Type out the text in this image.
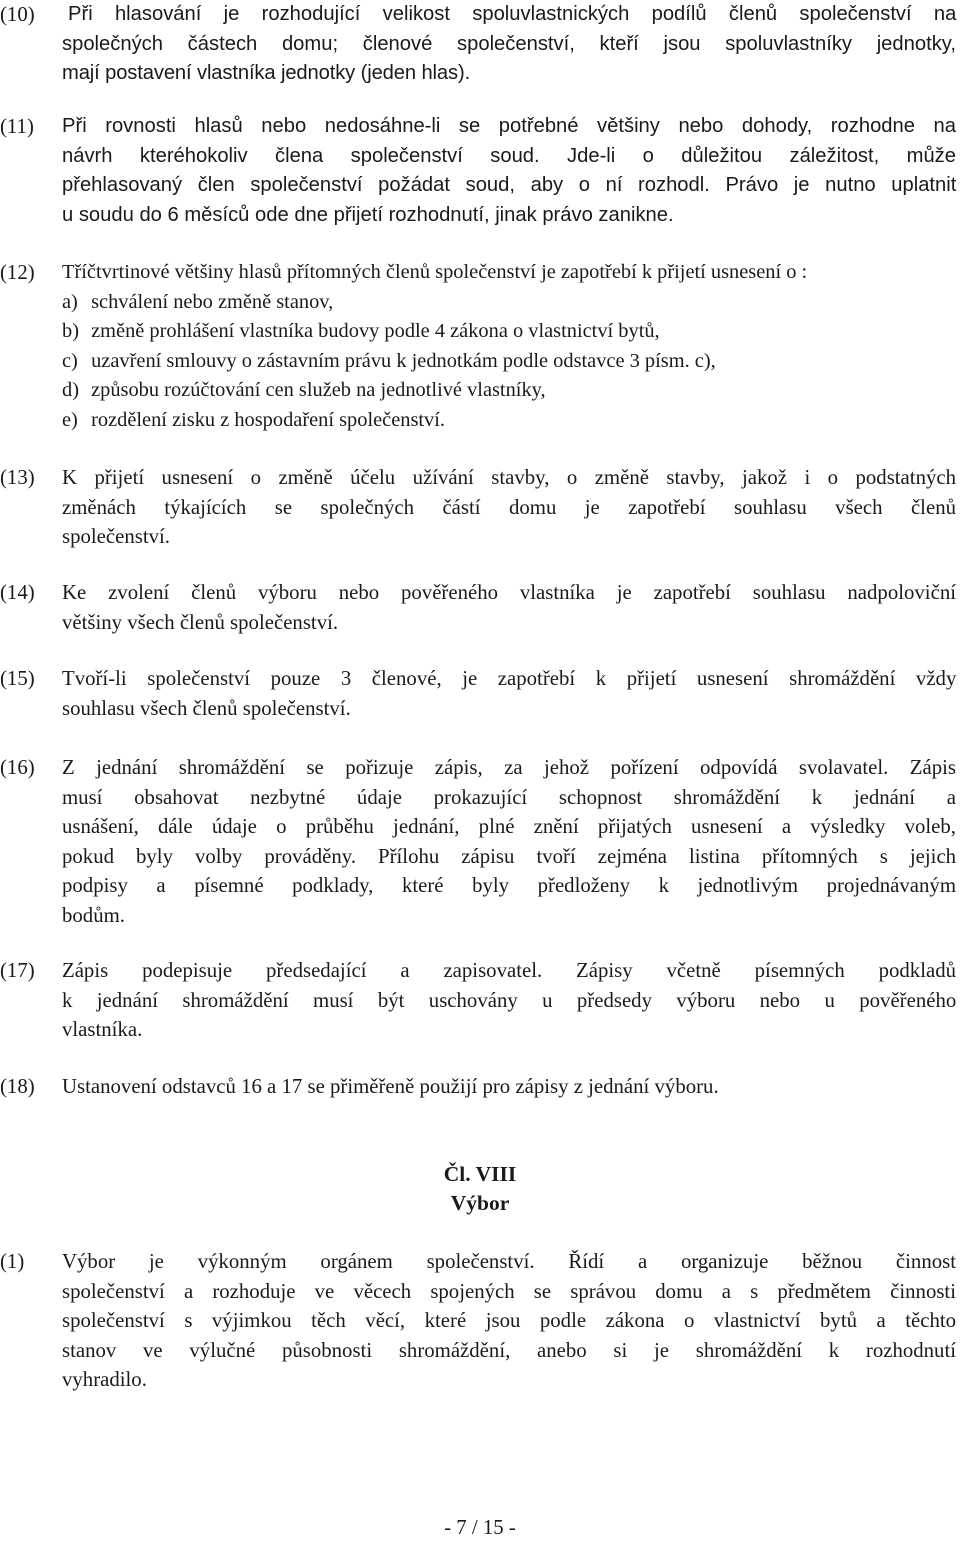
(10)	Při hlasování je rozhodující velikost spoluvlastnických podílů členů společenství na
společných částech domu; členové společenství, kteří jsou spoluvlastníky jednotky,
mají postavení vlastníka jednotky (jeden hlas).
(11)	Při rovnosti hlasů nebo nedosáhne-li se potřebné většiny nebo dohody, rozhodne na
návrh kteréhokoliv člena společenství soud. Jde-li o důležitou záležitost, může
přehlasovaný člen společenství požádat soud, aby o ní rozhodl. Právo je nutno uplatnit
u soudu do 6 měsíců ode dne přijetí rozhodnutí, jinak právo zanikne.
(12)	Tříčtvrtinové většiny hlasů přítomných členů společenství je zapotřebí k přijetí usnesení o :
a) schválení nebo změně stanov,
b) změně prohlášení vlastníka budovy podle 4 zákona o vlastnictví bytů,
c) uzavření smlouvy o zástavním právu k jednotkám podle odstavce 3 písm. c),
d) způsobu rozúčtování cen služeb na jednotlivé vlastníky,
e) rozdělení zisku z hospodaření společenství.
(13)	K přijetí usnesení o změně účelu užívání stavby, o změně stavby, jakož i o podstatných
změnách týkajících se společných částí domu je zapotřebí souhlasu všech členů
společenství.
(14)	Ke zvolení členů výboru nebo pověřeného vlastníka je zapotřebí souhlasu nadpoloviční
většiny všech členů společenství.
(15)	Tvoří-li společenství pouze 3 členové, je zapotřebí k přijetí usnesení shromáždění vždy
souhlasu všech členů společenství.
(16)	Z jednání shromáždění se pořizuje zápis, za jehož pořízení odpovídá svolavatel. Zápis
musí obsahovat nezbytné údaje prokazující schopnost shromáždění k jednání a
usnášení, dále údaje o průběhu jednání, plné znění přijatých usnesení a výsledky voleb,
pokud byly volby prováděny. Přílohu zápisu tvoří zejména listina přítomných s jejich
podpisy a písemné podklady, které byly předloženy k jednotlivým projednávaným
bodům.
(17)	Zápis podepisuje předsedající a zapisovatel. Zápisy včetně písemných podkladů
k jednání shromáždění musí být uschovány u předsedy výboru nebo u pověřeného
vlastníka.
(18)	Ustanovení odstavců 16 a 17 se přiměřeně použijí pro zápisy z jednání výboru.
Čl. VIII
Výbor
(1)	Výbor je výkonným orgánem společenství. Řídí a organizuje běžnou činnost
společenství a rozhoduje ve věcech spojených se správou domu a s předmětem činnosti
společenství s výjimkou těch věcí, které jsou podle zákona o vlastnictví bytů a těchto
stanov ve výlučné působnosti shromáždění, anebo si je shromáždění k rozhodnutí
vyhradilo.
- 7 / 15 -
